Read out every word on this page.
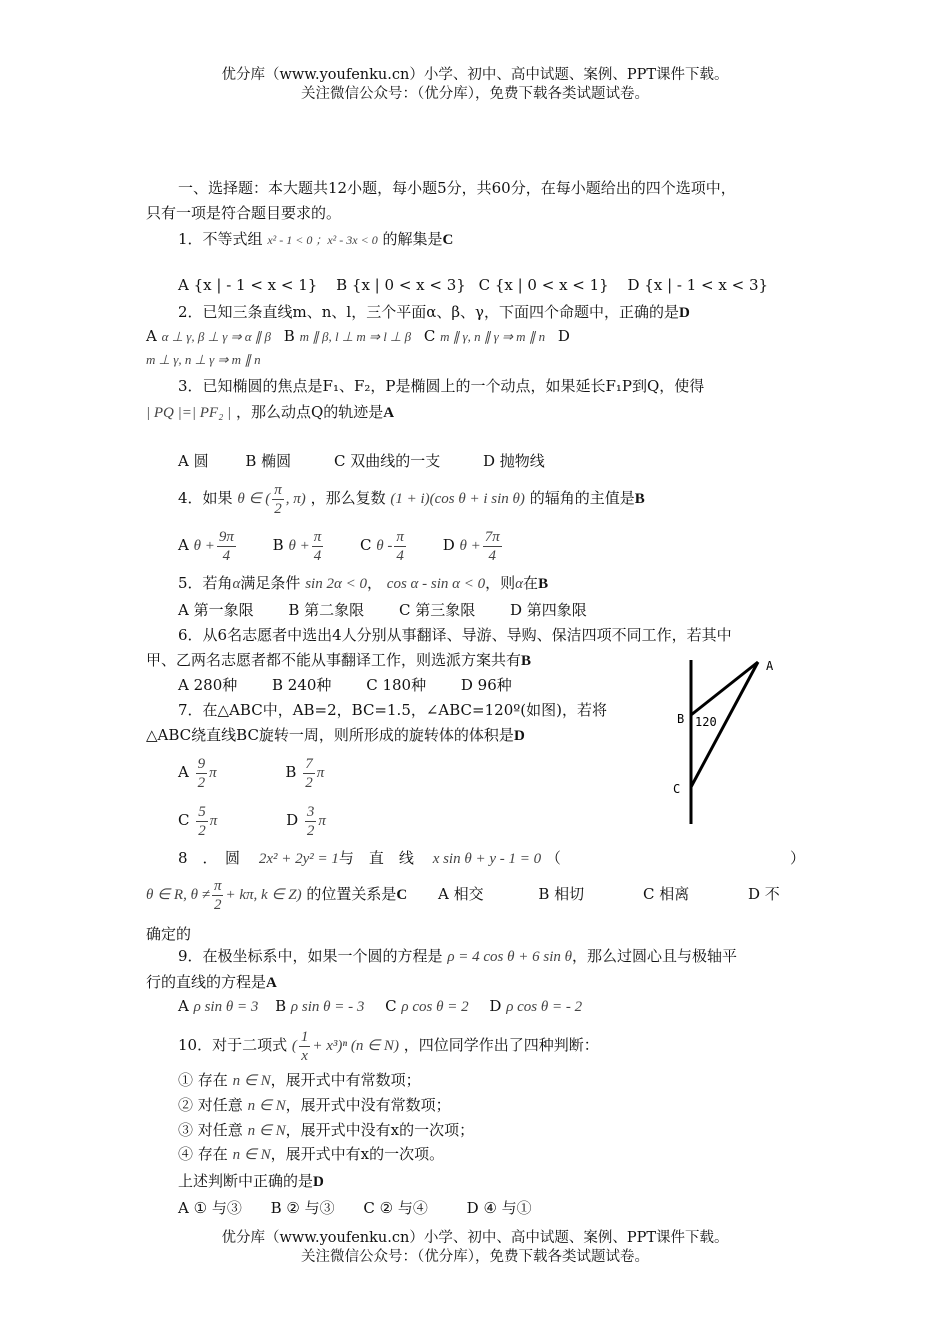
优分库（www.youfenku.cn）小学、初中、高中试题、案例、PPT课件下载。
关注微信公众号：（优分库），免费下载各类试题试卷。
一、选择题：本大题共12小题，每小题5分，共60分，在每小题给出的四个选项中，
只有一项是符合题目要求的。
1．不等式组 x² - 1 < 0 ；x² - 3x < 0 的解集是C
A {x | - 1 < x < 1} B {x | 0 < x < 3} C {x | 0 < x < 1} D {x | - 1 < x < 3}
2．已知三条直线m、n、l，三个平面α、β、γ，下面四个命题中，正确的是D
A α ⊥ γ, β ⊥ γ ⇒ α ∥ β B m ∥ β, l ⊥ m ⇒ l ⊥ β C m ∥ γ, n ∥ γ ⇒ m ∥ n D
m ⊥ γ, n ⊥ γ ⇒ m ∥ n
3．已知椭圆的焦点是F₁、F₂，P是椭圆上的一个动点，如果延长F₁P到Q，使得
| PQ |=| PF₂ | ，那么动点Q的轨迹是A
A 圆 B 椭圆	C 双曲线的一支	D 抛物线
4．如果 θ ∈ ( $\frac{\pi}{2}$ , π) ，那么复数 (1 + i)(cos θ + i sin θ) 的辐角的主值是B
A $\theta + \frac{9\pi}{4}$ B $\theta + \frac{\pi}{4}$ C θ - $\frac{\pi}{4}$ D $\theta + \frac{7\pi}{4}$
5．若角α满足条件 sin 2α < 0， cos α - sin α < 0，则α在B
A 第一象限 B 第二象限 C 第三象限 D 第四象限
6．从6名志愿者中选出4人分别从事翻译、导游、导购、保洁四项不同工作，若其中
甲、乙两名志愿者都不能从事翻译工作，则选派方案共有B
A 280种 B 240种 C 180种 D 96种
7．在△ABC中，AB=2，BC=1.5，∠ABC=120º(如图)，若将
△ABC绕直线BC旋转一周，则所形成的旋转体的体积是D
A $\frac{9}{2}$ π	B $\frac{7}{2}$ π
C $\frac{5}{2}$ π	D $\frac{3}{2}$ π
A
B 120
C
8　．　圆 2x² + 2y² = 1与　直　线 x sin θ + y - 1 = 0 （	）
θ ∈ R, $\theta \ne \frac{\pi}{2} + k\pi$, k ∈ Z) 的位置关系是C A 相交	B 相切	C 相离	D 不
确定的
9．在极坐标系中，如果一个圆的方程是 ρ = 4 cos θ + 6 sin θ，那么过圆心且与极轴平
行的直线的方程是A
A ρ sin θ = 3 B ρ sin θ = - 3 C ρ cos θ = 2 D ρ cos θ = - 2
10．对于二项式 ( $\frac{1}{x} + x^3)^n$ (n ∈ N) ，四位同学作出了四种判断：
① 存在 n ∈ N，展开式中有常数项；
② 对任意 n ∈ N，展开式中没有常数项；
③ 对任意 n ∈ N，展开式中没有x的一次项；
④ 存在 n ∈ N，展开式中有x的一次项。
上述判断中正确的是D
A ① 与③ B ② 与③ C ② 与④	D ④ 与①
优分库（www.youfenku.cn）小学、初中、高中试题、案例、PPT课件下载。
关注微信公众号：（优分库），免费下载各类试题试卷。
